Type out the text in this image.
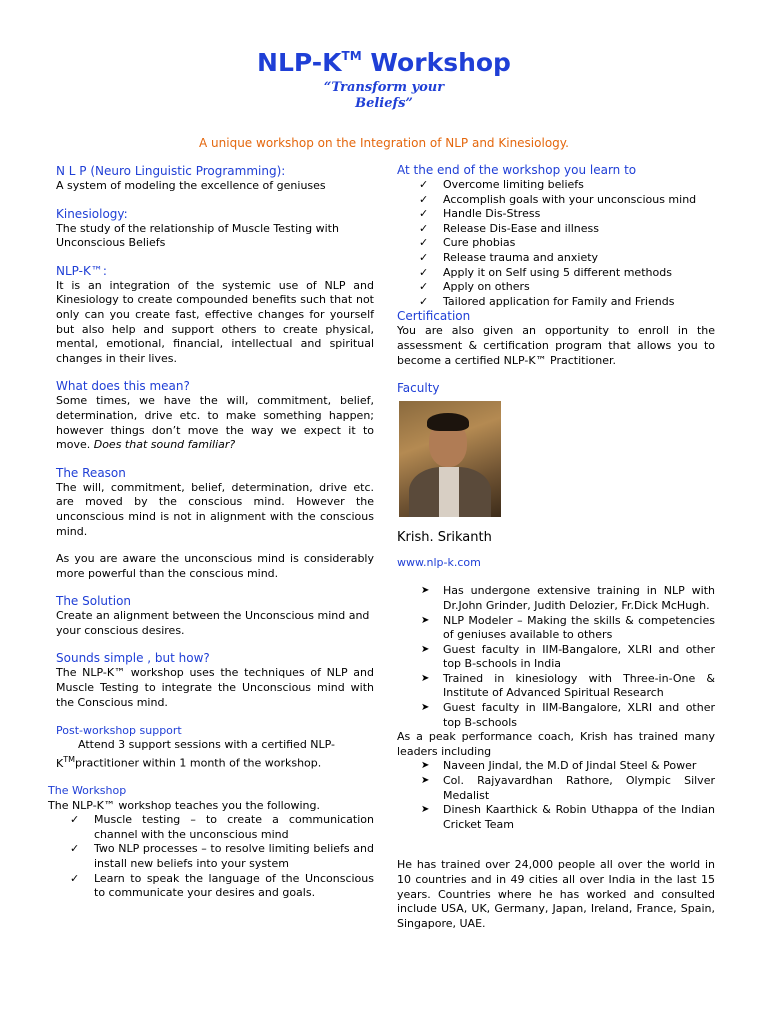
NLP-K™ Workshop
“Transform your
Beliefs”
A unique workshop on the Integration of NLP and Kinesiology.
N L P (Neuro Linguistic Programming):

A system of modeling the excellence of geniuses

Kinesiology:

The study of the relationship of Muscle Testing with Unconscious Beliefs

NLP-K™:

It is an integration of the systemic use of NLP and Kinesiology to create compounded benefits such that not only can you create fast, effective changes for yourself but also help and support others to create physical, mental, emotional, financial, intellectual and spiritual changes in their lives.

What does this mean?

Some times, we have the will, commitment, belief, determination, drive etc. to make something happen; however things don’t move the way we expect it to move. Does that sound familiar?

The Reason

The will, commitment, belief, determination, drive etc. are moved by the conscious mind. However the unconscious mind is not in alignment with the conscious mind.

As you are aware the unconscious mind is considerably more powerful than the conscious mind.

The Solution

Create an alignment between the Unconscious mind and your conscious desires.

Sounds simple , but how?

The NLP-K™ workshop uses the techniques of NLP and Muscle Testing to integrate the Unconscious mind with the Conscious mind.

Post-workshop support

Attend 3 support sessions with a certified NLP-K™practitioner within 1 month of the workshop.

The Workshop

The NLP-K™ workshop teaches you the following.

✓ Muscle testing – to create a communication channel with the unconscious mind
✓ Two NLP processes – to resolve limiting beliefs and install new beliefs into your system
✓ Learn to speak the language of the Unconscious to communicate your desires and goals.
At the end of the workshop you learn to
✓ Overcome limiting beliefs
✓ Accomplish goals with your unconscious mind
✓ Handle Dis-Stress
✓ Release Dis-Ease and illness
✓ Cure phobias
✓ Release trauma and anxiety
✓ Apply it on Self using 5 different methods
✓ Apply on others
✓ Tailored application for Family and Friends
Certification

You are also given an opportunity to enroll in the assessment & certification program that allows you to become a certified NLP-K™ Practitioner.

Faculty
Krish. Srikanth
www.nlp-k.com
➤ Has undergone extensive training in NLP with Dr.John Grinder, Judith Delozier, Fr.Dick McHugh.
➤ NLP Modeler – Making the skills & competencies of geniuses available to others
➤ Guest faculty in IIM-Bangalore, XLRI and other top B-schools in India
➤ Trained in kinesiology with Three-in-One & Institute of Advanced Spiritual Research
➤ Guest faculty in IIM-Bangalore, XLRI and other top B-schools

As a peak performance coach, Krish has trained many leaders including

➤ Naveen Jindal, the M.D of Jindal Steel & Power
➤ Col. Rajyavardhan Rathore, Olympic Silver Medalist
➤ Dinesh Kaarthick & Robin Uthappa of the Indian Cricket Team

He has trained over 24,000 people all over the world in 10 countries and in 49 cities all over India in the last 15 years. Countries where he has worked and consulted include USA, UK, Germany, Japan, Ireland, France, Spain, Singapore, UAE.
